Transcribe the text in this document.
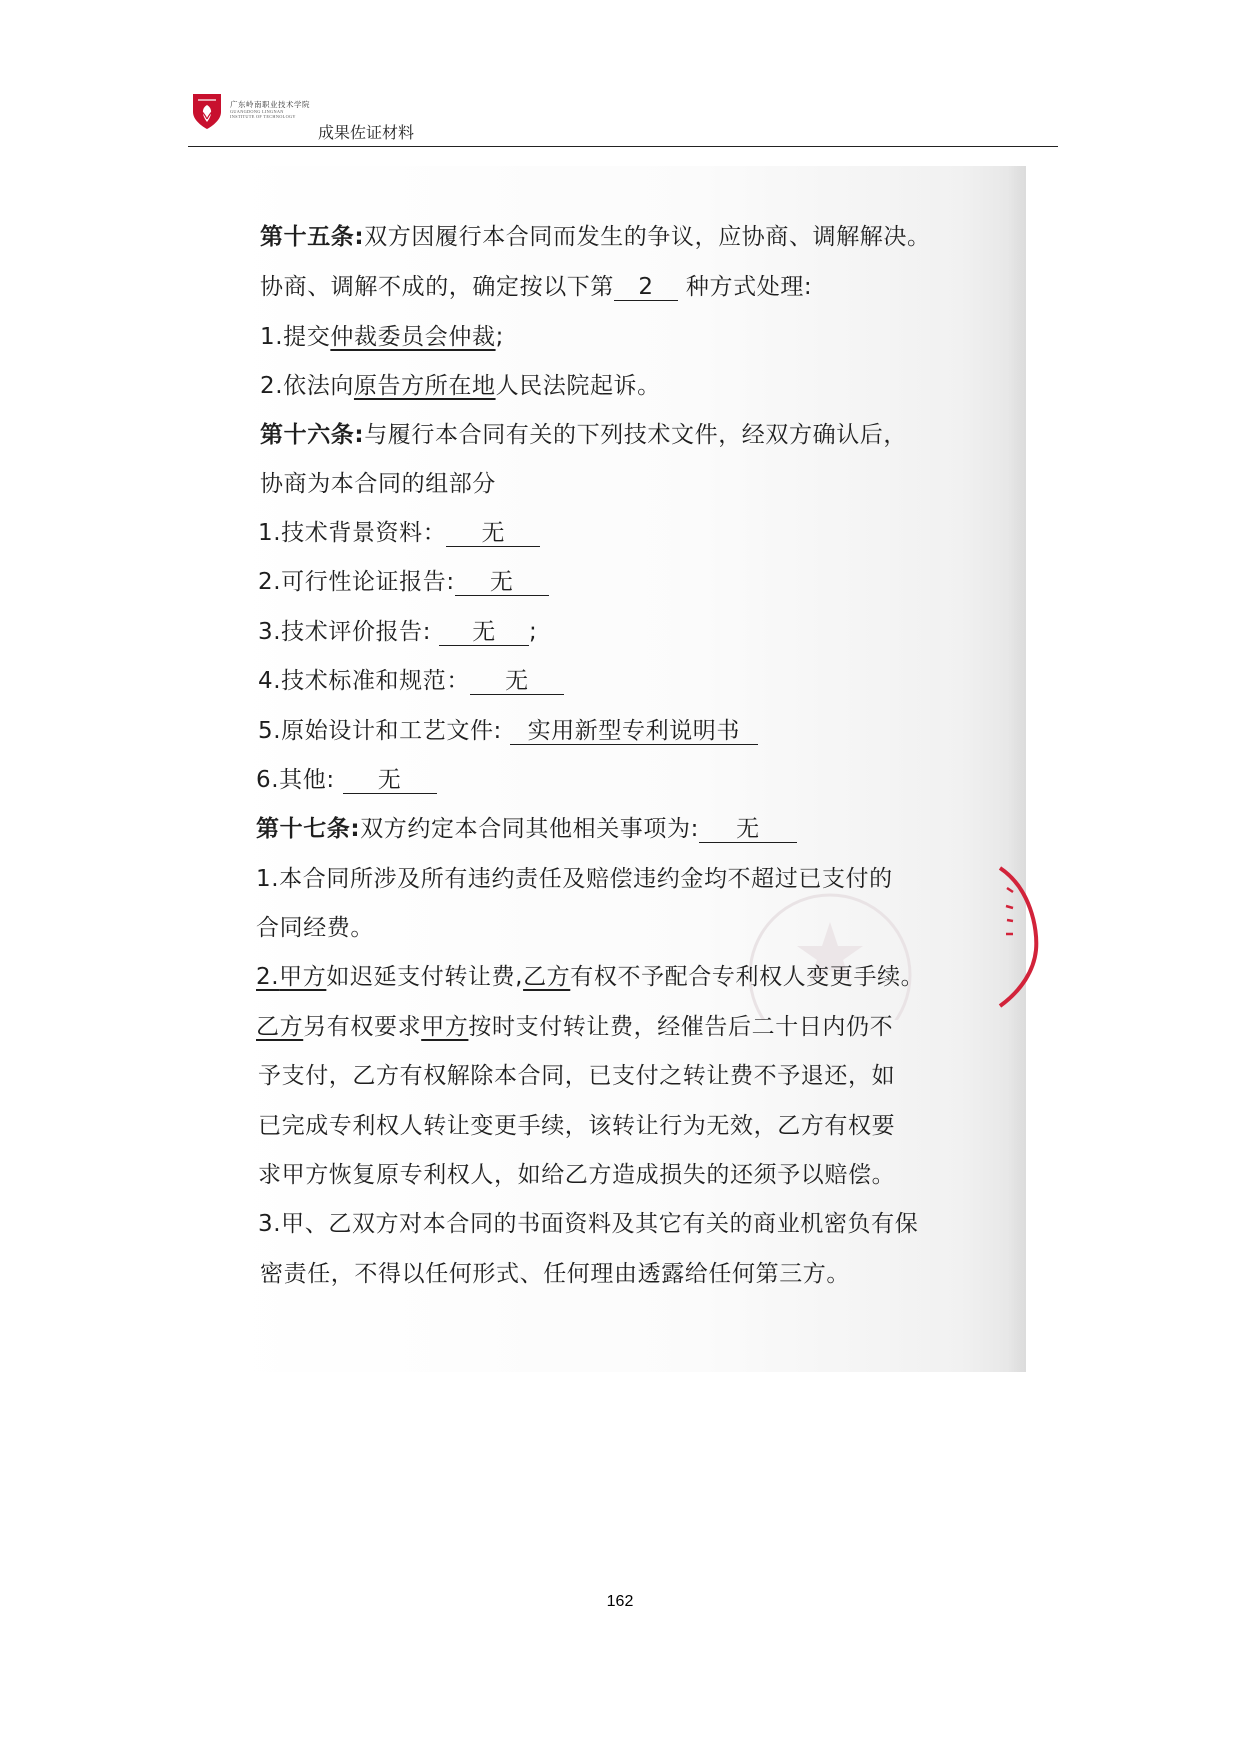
广东岭南职业技术学院
GUANGDONG LINGNAN
INSTITUTE OF TECHNOLOGY
成果佐证材料
第十五条:双方因履行本合同而发生的争议，应协商、调解解决。
协商、调解不成的，确定按以下第 2 种方式处理:
1.提交仲裁委员会仲裁;
2.依法向原告方所在地人民法院起诉。
第十六条:与履行本合同有关的下列技术文件，经双方确认后，
协商为本合同的组部分
1.技术背景资料： 无
2.可行性论证报告: 无
3.技术评价报告: 无 ;
4.技术标准和规范： 无
5.原始设计和工艺文件: 实用新型专利说明书
6.其他: 无
第十七条:双方约定本合同其他相关事项为: 无
1.本合同所涉及所有违约责任及赔偿违约金均不超过已支付的
合同经费。
2.甲方如迟延支付转让费,乙方有权不予配合专利权人变更手续。
乙方另有权要求甲方按时支付转让费，经催告后二十日内仍不
予支付，乙方有权解除本合同，已支付之转让费不予退还，如
已完成专利权人转让变更手续，该转让行为无效，乙方有权要
求甲方恢复原专利权人，如给乙方造成损失的还须予以赔偿。
3.甲、乙双方对本合同的书面资料及其它有关的商业机密负有保
密责任，不得以任何形式、任何理由透露给任何第三方。
162
